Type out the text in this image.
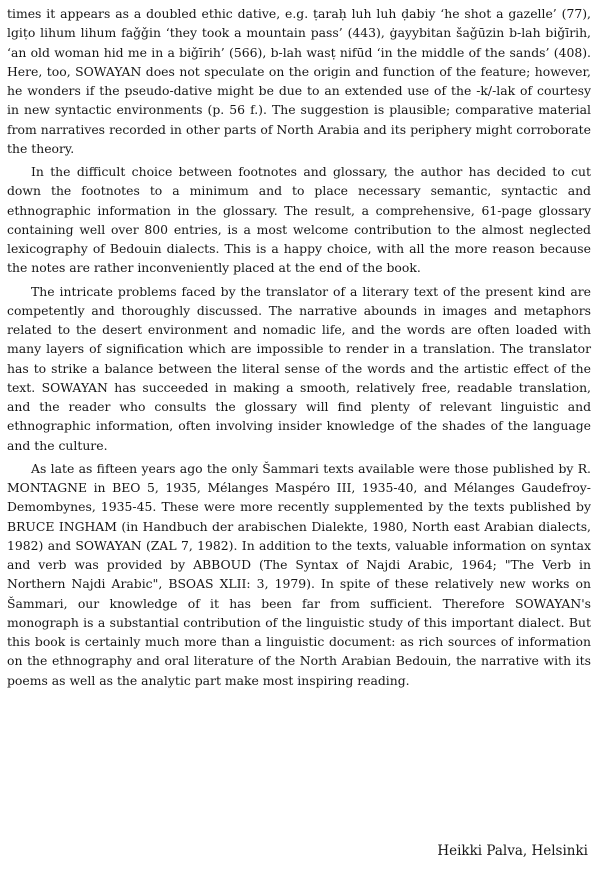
times it appears as a doubled ethic dative, e.g. ṭaraḥ luh luh ḍabiy ‘he shot a gazelle’ (77), lgiṭo lihum lihum faǧǧin ‘they took a mountain pass’ (443), ġayybitan šaǧūzin b-lah biǧīrih, ‘an old woman hid me in a biǧīrih’ (566), b-lah wasṭ nifūd ‘in the middle of the sands’ (408). Here, too, SOWAYAN does not speculate on the origin and function of the feature; however, he wonders if the pseudo-dative might be due to an extended use of the -k/-lak of courtesy in new syntactic environments (p. 56 f.). The suggestion is plausible; comparative material from narratives recorded in other parts of North Arabia and its periphery might corroborate the theory.

In the difficult choice between footnotes and glossary, the author has decided to cut down the footnotes to a minimum and to place necessary semantic, syntactic and ethnographic information in the glossary. The result, a comprehensive, 61-page glossary containing well over 800 entries, is a most welcome contribution to the almost neglected lexicography of Bedouin dialects. This is a happy choice, with all the more reason because the notes are rather inconveniently placed at the end of the book.

The intricate problems faced by the translator of a literary text of the present kind are competently and thoroughly discussed. The narrative abounds in images and metaphors related to the desert environment and nomadic life, and the words are often loaded with many layers of signification which are impossible to render in a translation. The translator has to strike a balance between the literal sense of the words and the artistic effect of the text. SOWAYAN has succeeded in making a smooth, relatively free, readable translation, and the reader who consults the glossary will find plenty of relevant linguistic and ethnographic information, often involving insider knowledge of the shades of the language and the culture.

As late as fifteen years ago the only Šammari texts available were those published by R. MONTAGNE in BEO 5, 1935, Mélanges Maspéro III, 1935-40, and Mélanges Gaudefroy-Demombynes, 1935-45. These were more recently supplemented by the texts published by BRUCE INGHAM (in Handbuch der arabischen Dialekte, 1980, North east Arabian dialects, 1982) and SOWAYAN (ZAL 7, 1982). In addition to the texts, valuable information on syntax and verb was provided by ABBOUD (The Syntax of Najdi Arabic, 1964; "The Verb in Northern Najdi Arabic", BSOAS XLII: 3, 1979). In spite of these relatively new works on Šammari, our knowledge of it has been far from sufficient. Therefore SOWAYAN's monograph is a substantial contribution of the linguistic study of this important dialect. But this book is certainly much more than a linguistic document: as rich sources of information on the ethnography and oral literature of the North Arabian Bedouin, the narrative with its poems as well as the analytic part make most inspiring reading.

Heikki Palva, Helsinki
